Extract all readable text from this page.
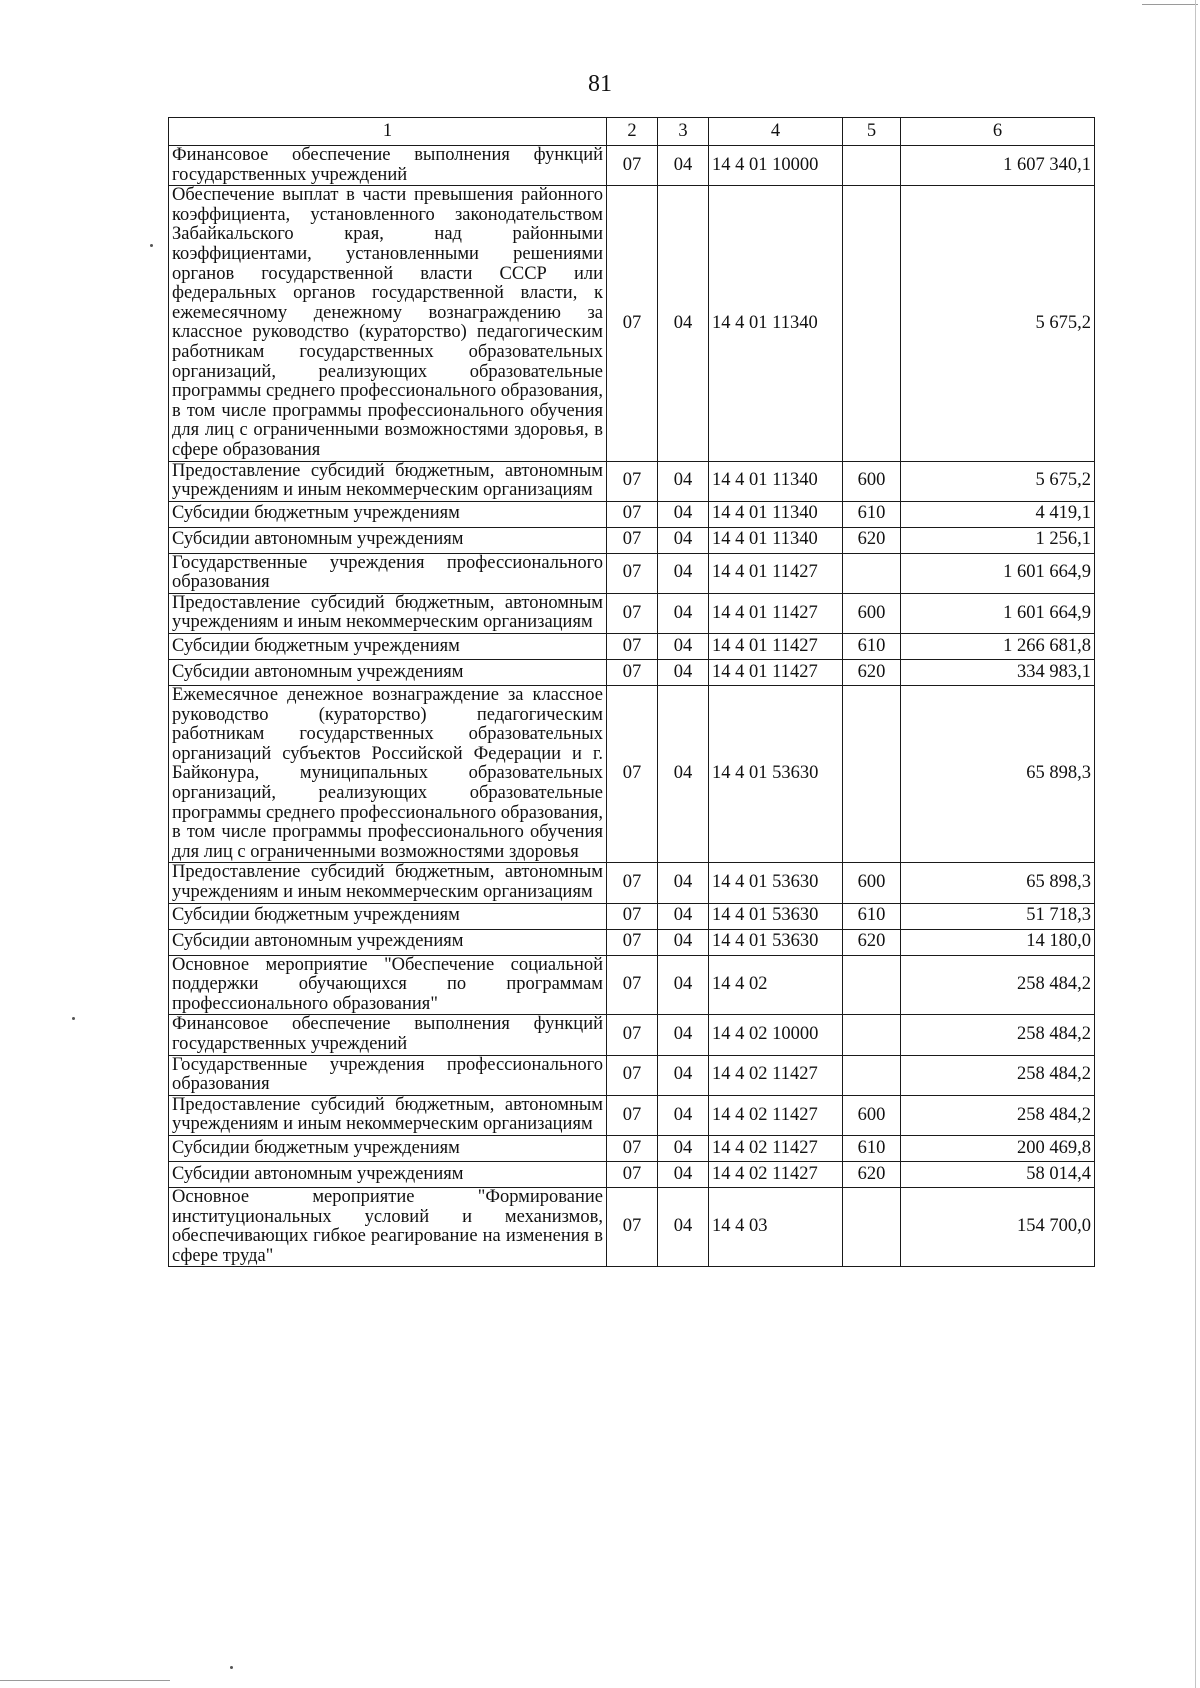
81
1	2	3	4	5	6
Финансовое обеспечение выполнения функций государственных учреждений	07	04	14 4 01 10000		1 607 340,1
Обеспечение выплат в части превышения районного коэффициента, установленного законодательством Забайкальского края, над районными коэффициентами, установленными решениями органов государственной власти СССР или федеральных органов государственной власти, к ежемесячному денежному вознаграждению за классное руководство (кураторство) педагогическим работникам государственных образовательных организаций, реализующих образовательные программы среднего профессионального образования, в том числе программы профессионального обучения для лиц с ограниченными возможностями здоровья, в сфере образования	07	04	14 4 01 11340		5 675,2
Предоставление субсидий бюджетным, автономным учреждениям и иным некоммерческим организациям	07	04	14 4 01 11340	600	5 675,2
Субсидии бюджетным учреждениям	07	04	14 4 01 11340	610	4 419,1
Субсидии автономным учреждениям	07	04	14 4 01 11340	620	1 256,1
Государственные учреждения профессионального образования	07	04	14 4 01 11427		1 601 664,9
Предоставление субсидий бюджетным, автономным учреждениям и иным некоммерческим организациям	07	04	14 4 01 11427	600	1 601 664,9
Субсидии бюджетным учреждениям	07	04	14 4 01 11427	610	1 266 681,8
Субсидии автономным учреждениям	07	04	14 4 01 11427	620	334 983,1
Ежемесячное денежное вознаграждение за классное руководство (кураторство) педагогическим работникам государственных образовательных организаций субъектов Российской Федерации и г. Байконура, муниципальных образовательных организаций, реализующих образовательные программы среднего профессионального образования, в том числе программы профессионального обучения для лиц с ограниченными возможностями здоровья	07	04	14 4 01 53630		65 898,3
Предоставление субсидий бюджетным, автономным учреждениям и иным некоммерческим организациям	07	04	14 4 01 53630	600	65 898,3
Субсидии бюджетным учреждениям	07	04	14 4 01 53630	610	51 718,3
Субсидии автономным учреждениям	07	04	14 4 01 53630	620	14 180,0
Основное мероприятие "Обеспечение социальной поддержки обучающихся по программам профессионального образования"	07	04	14 4 02		258 484,2
Финансовое обеспечение выполнения функций государственных учреждений	07	04	14 4 02 10000		258 484,2
Государственные учреждения профессионального образования	07	04	14 4 02 11427		258 484,2
Предоставление субсидий бюджетным, автономным учреждениям и иным некоммерческим организациям	07	04	14 4 02 11427	600	258 484,2
Субсидии бюджетным учреждениям	07	04	14 4 02 11427	610	200 469,8
Субсидии автономным учреждениям	07	04	14 4 02 11427	620	58 014,4
Основное мероприятие "Формирование институциональных условий и механизмов, обеспечивающих гибкое реагирование на изменения в сфере труда"	07	04	14 4 03		154 700,0
